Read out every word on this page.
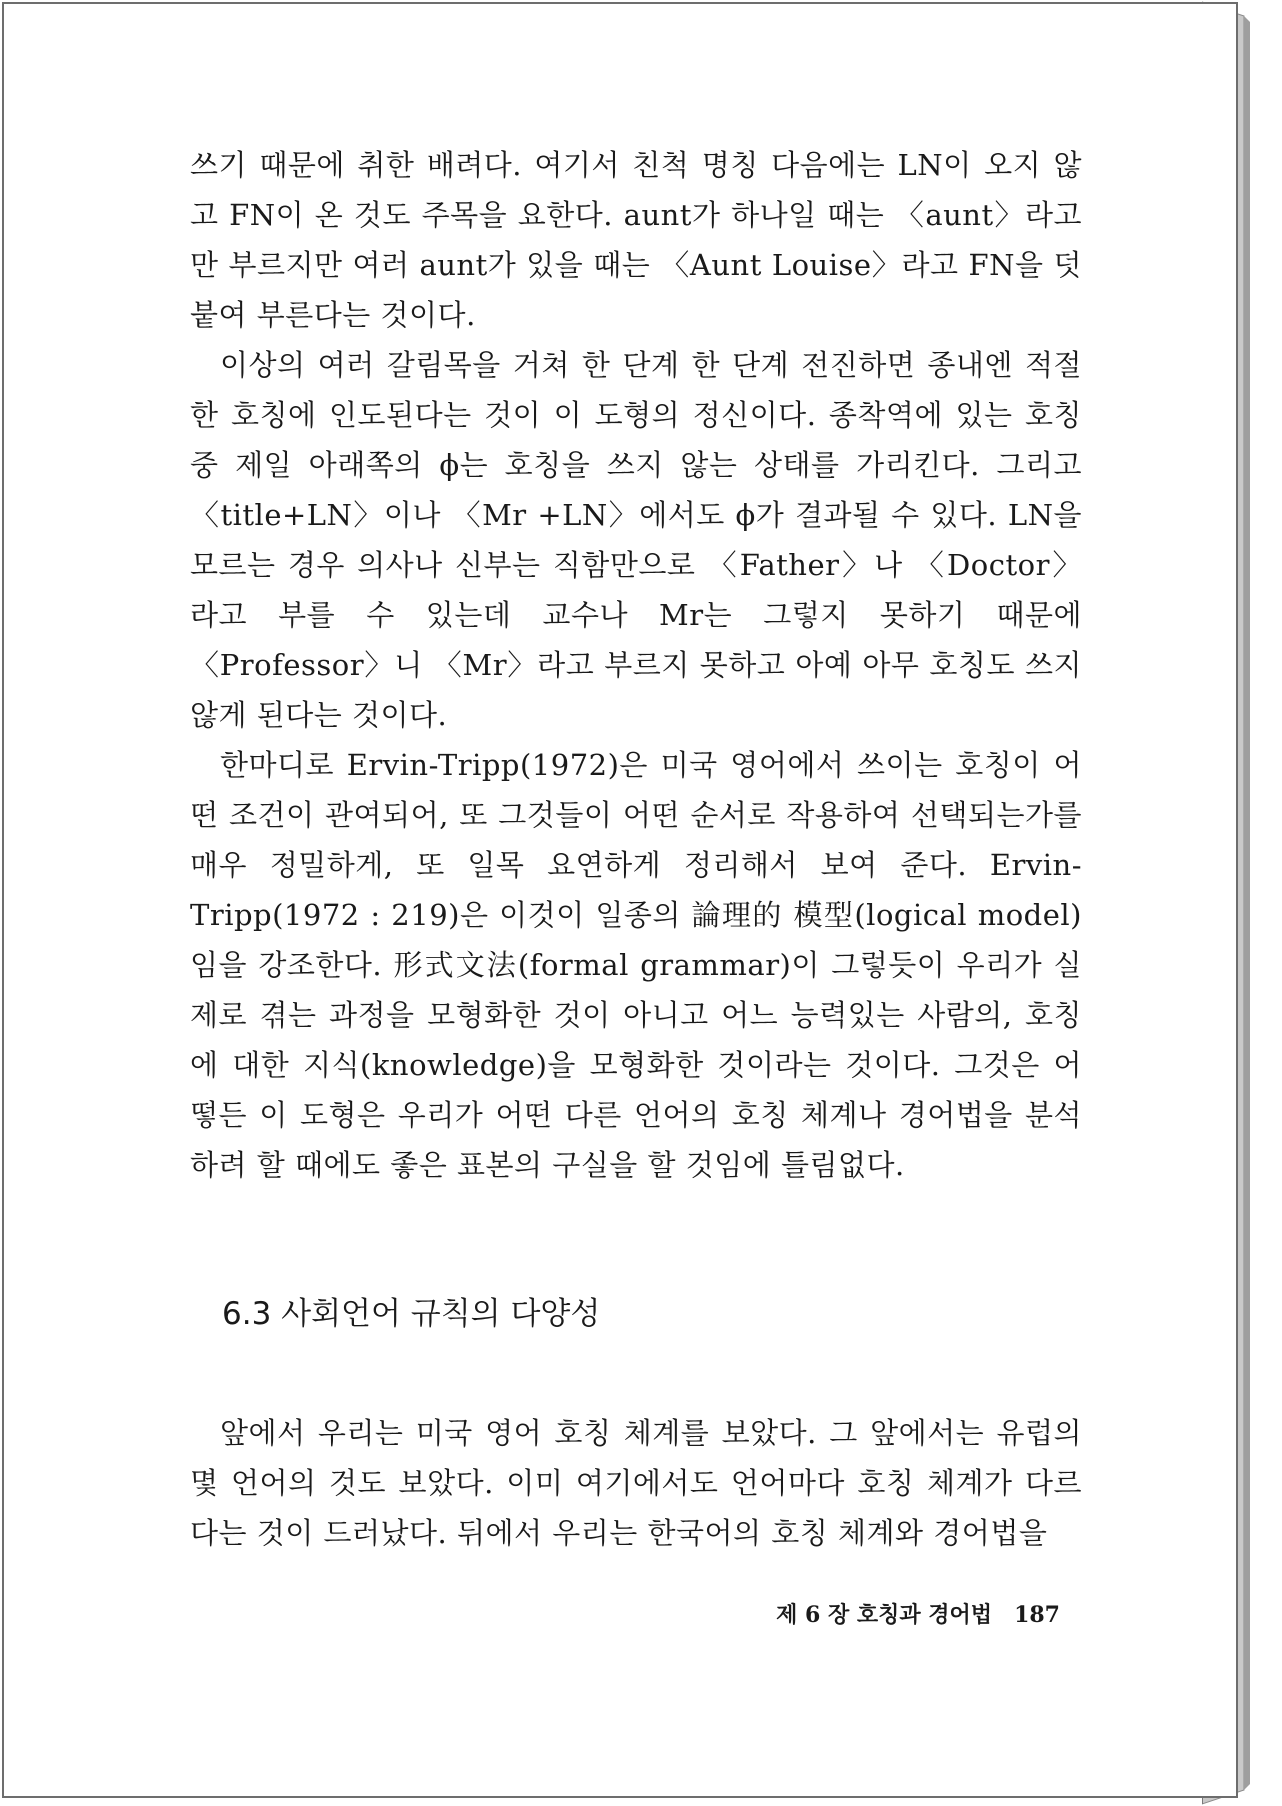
쓰기 때문에 취한 배려다. 여기서 친척 명칭 다음에는 LN이 오지 않고 FN이 온 것도 주목을 요한다. aunt가 하나일 때는 〈aunt〉라고만 부르지만 여러 aunt가 있을 때는 〈Aunt Louise〉라고 FN을 덧붙여 부른다는 것이다.

이상의 여러 갈림목을 거쳐 한 단계 한 단계 전진하면 종내엔 적절한 호칭에 인도된다는 것이 이 도형의 정신이다. 종착역에 있는 호칭 중 제일 아래쪽의 ϕ는 호칭을 쓰지 않는 상태를 가리킨다. 그리고 〈title+LN〉이나 〈Mr +LN〉에서도 ϕ가 결과될 수 있다. LN을 모르는 경우 의사나 신부는 직함만으로 〈Father〉나 〈Doctor〉라고 부를 수 있는데 교수나 Mr는 그렇지 못하기 때문에 〈Professor〉니 〈Mr〉라고 부르지 못하고 아예 아무 호칭도 쓰지 않게 된다는 것이다.

한마디로 Ervin-Tripp(1972)은 미국 영어에서 쓰이는 호칭이 어떤 조건이 관여되어, 또 그것들이 어떤 순서로 작용하여 선택되는가를 매우 정밀하게, 또 일목 요연하게 정리해서 보여 준다. Ervin-Tripp(1972 : 219)은 이것이 일종의 論理的 模型(logical model)임을 강조한다. 形式文法(formal grammar)이 그렇듯이 우리가 실제로 겪는 과정을 모형화한 것이 아니고 어느 능력있는 사람의, 호칭에 대한 지식(knowledge)을 모형화한 것이라는 것이다. 그것은 어떻든 이 도형은 우리가 어떤 다른 언어의 호칭 체계나 경어법을 분석하려 할 때에도 좋은 표본의 구실을 할 것임에 틀림없다.

6.3 사회언어 규칙의 다양성

앞에서 우리는 미국 영어 호칭 체계를 보았다. 그 앞에서는 유럽의 몇 언어의 것도 보았다. 이미 여기에서도 언어마다 호칭 체계가 다르다는 것이 드러났다. 뒤에서 우리는 한국어의 호칭 체계와 경어법을

제 6 장 호칭과 경어법 187
